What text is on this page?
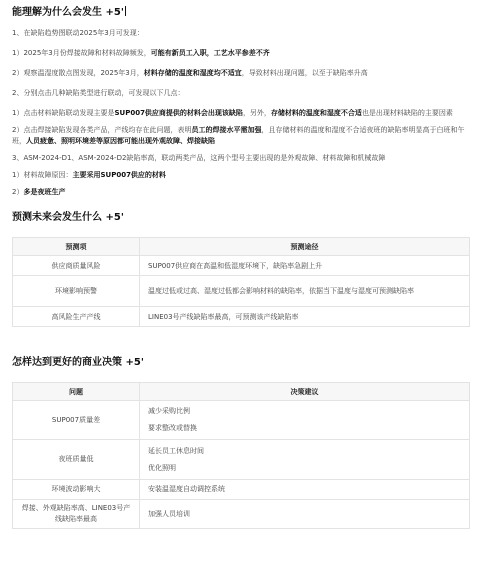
能理解为什么会发生 +5'

1、在缺陷趋势图联动2025年3月可发现：

1）2025年3月份焊接故障和材料故障频发，可能有新员工入职，工艺水平参差不齐

2）观察温湿度散点图发现，2025年3月，材料存储的温度和湿度均不适宜，导致材料出现问题，以至于缺陷率升高

2、分别点击几种缺陷类型进行联动，可发现以下几点：

1）点击材料缺陷联动发现主要是SUP007供应商提供的材料会出现该缺陷，另外，存储材料的温度和湿度不合适也是出现材料缺陷的主要因素

2）点击焊接缺陷发现各类产品，产线均存在此问题，表明员工的焊接水平需加强，且存储材料的温度和湿度不合适夜班的缺陷率明显高于白班和午班，人员疲惫、照明环境差等原因都可能出现外观故障、焊接缺陷

3、ASM-2024-D1、ASM-2024-D2缺陷率高，联动两类产品，这两个型号主要出现的是外观故障、材料故障和机械故障

1）材料故障原因：主要采用SUP007供应的材料

2）多是夜班生产

预测未来会发生什么 +5'
预测项	预测途径
供应商质量风险	SUP007供应商在高温和低湿度环境下，缺陷率急剧上升
环境影响预警	温度过低或过高、湿度过低都会影响材料的缺陷率，依据当下温度与湿度可预测缺陷率
高风险生产产线	LINE03号产线缺陷率最高，可预测该产线缺陷率
怎样达到更好的商业决策 +5'
问题	决策建议
SUP007质量差	减少采购比例
要求整改或替换

夜班质量低	延长员工休息时间
优化照明

环境波动影响大	安装温湿度自动调控系统
焊接、外观缺陷率高、LINE03号产线缺陷率最高	加强人员培训
